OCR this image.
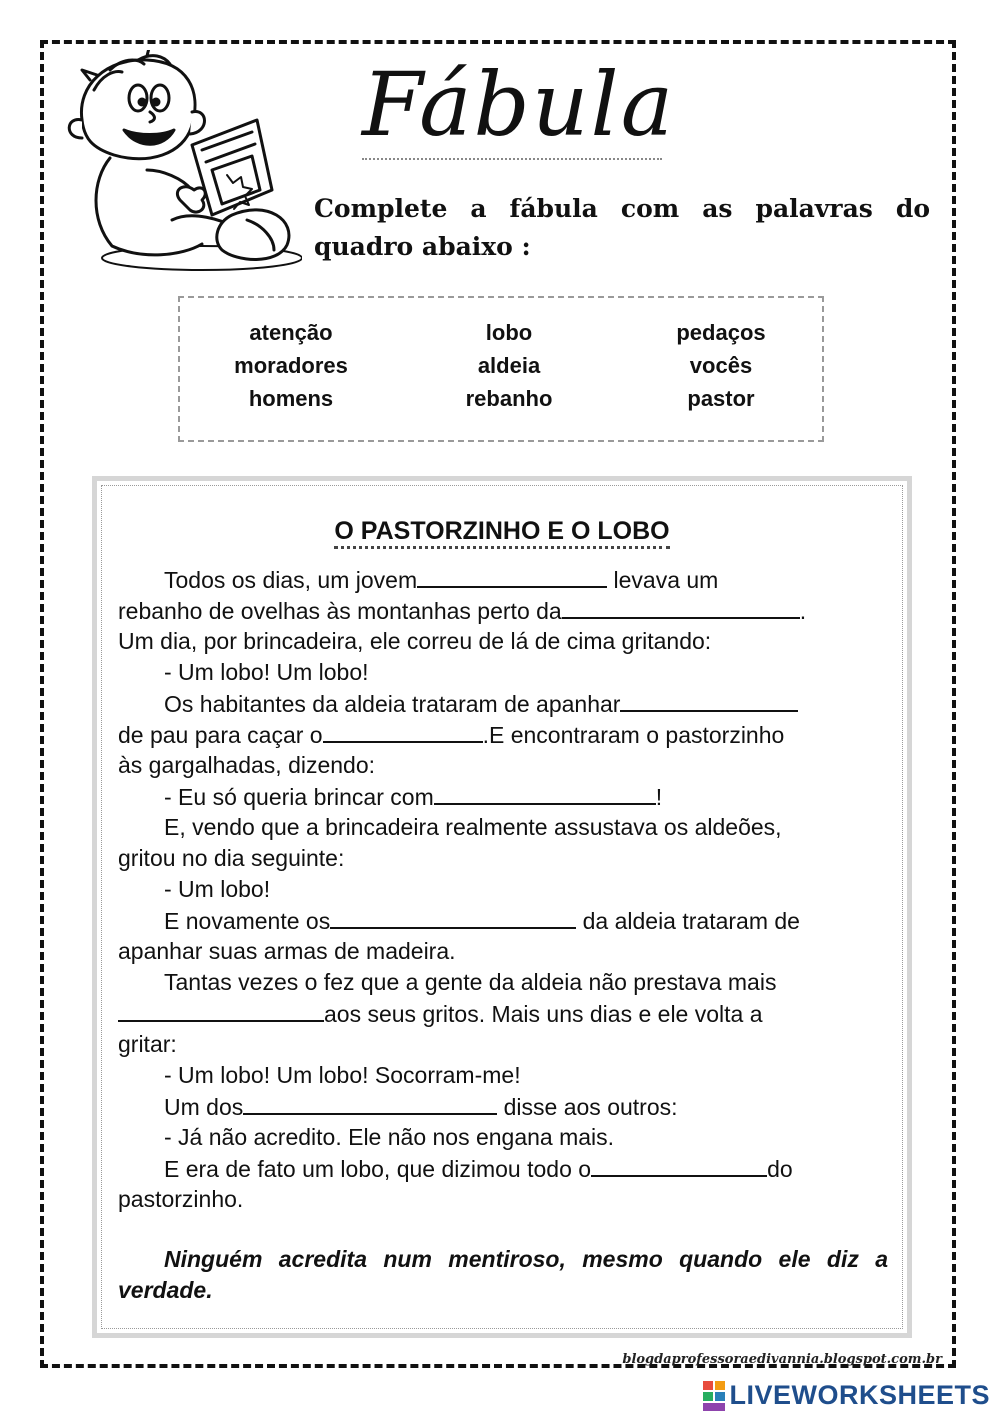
Fábula

Complete a fábula com as palavras do quadro abaixo :

atenção	lobo	pedaços
moradores	aldeia	vocês
homens	rebanho	pastor
O PASTORZINHO E O LOBO
Todos os dias, um jovem	levava um
rebanho de ovelhas às montanhas perto da	.
Um dia, por brincadeira, ele correu de lá de cima gritando:
- Um lobo! Um lobo!
Os habitantes da aldeia trataram de apanhar
de pau para caçar o	.E encontraram o pastorzinho
às gargalhadas, dizendo:
- Eu só queria brincar com	!
E, vendo que a brincadeira realmente assustava os aldeões,
gritou no dia seguinte:
- Um lobo!
E novamente os	da aldeia trataram de
apanhar suas armas de madeira.
Tantas vezes o fez que a gente da aldeia não prestava mais
aos seus gritos. Mais uns dias e ele volta a
gritar:
- Um lobo! Um lobo! Socorram-me!
Um dos	disse aos outros:
- Já não acredito. Ele não nos engana mais.
E era de fato um lobo, que dizimou todo o	do
pastorzinho.

Ninguém acredita num mentiroso, mesmo quando ele diz a verdade.

blogdaprofessoraedivannia.blogspot.com.br
LIVEWORKSHEETS
